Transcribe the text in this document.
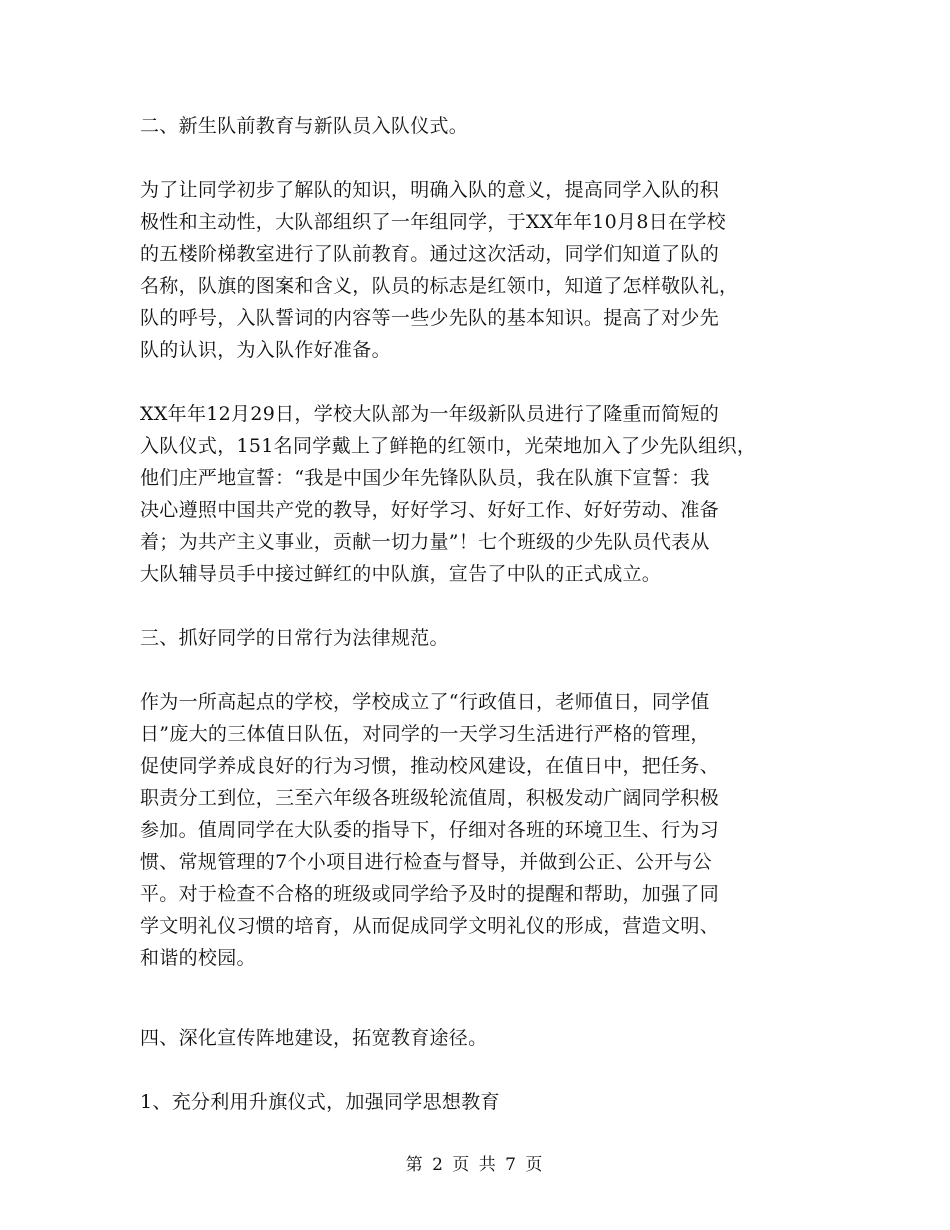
二、新生队前教育与新队员入队仪式。
为了让同学初步了解队的知识，明确入队的意义，提高同学入队的积
极性和主动性，大队部组织了一年组同学，于XX年年10月8日在学校
的五楼阶梯教室进行了队前教育。通过这次活动，同学们知道了队的
名称，队旗的图案和含义，队员的标志是红领巾，知道了怎样敬队礼，
队的呼号，入队誓词的内容等一些少先队的基本知识。提高了对少先
队的认识，为入队作好准备。
XX年年12月29日，学校大队部为一年级新队员进行了隆重而简短的
入队仪式，151名同学戴上了鲜艳的红领巾，光荣地加入了少先队组织，
他们庄严地宣誓：“我是中国少年先锋队队员，我在队旗下宣誓：我
决心遵照中国共产党的教导，好好学习、好好工作、好好劳动、准备
着；为共产主义事业，贡献一切力量”！七个班级的少先队员代表从
大队辅导员手中接过鲜红的中队旗，宣告了中队的正式成立。
三、抓好同学的日常行为法律规范。
作为一所高起点的学校，学校成立了“行政值日，老师值日，同学值
日”庞大的三体值日队伍，对同学的一天学习生活进行严格的管理，
促使同学养成良好的行为习惯，推动校风建设，在值日中，把任务、
职责分工到位，三至六年级各班级轮流值周，积极发动广阔同学积极
参加。值周同学在大队委的指导下，仔细对各班的环境卫生、行为习
惯、常规管理的7个小项目进行检查与督导，并做到公正、公开与公
平。对于检查不合格的班级或同学给予及时的提醒和帮助，加强了同
学文明礼仪习惯的培育，从而促成同学文明礼仪的形成，营造文明、
和谐的校园。
四、深化宣传阵地建设，拓宽教育途径。
1、充分利用升旗仪式，加强同学思想教育
第 2 页 共 7 页
